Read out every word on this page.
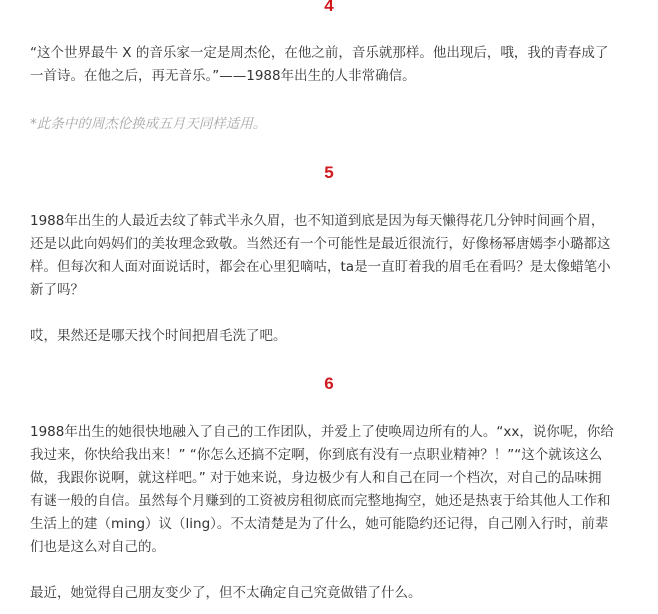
4

“这个世界最牛 X 的音乐家一定是周杰伦，在他之前，音乐就那样。他出现后，哦，我的青春成了
一首诗。在他之后，再无音乐。”——1988年出生的人非常确信。

*此条中的周杰伦换成五月天同样适用。

5

1988年出生的人最近去纹了韩式半永久眉，也不知道到底是因为每天懒得花几分钟时间画个眉，
还是以此向妈妈们的美妆理念致敬。当然还有一个可能性是最近很流行，好像杨幂唐嫣李小璐都这
样。但每次和人面对面说话时，都会在心里犯嘀咕，ta是一直盯着我的眉毛在看吗？是太像蜡笔小
新了吗？

哎，果然还是哪天找个时间把眉毛洗了吧。

6

1988年出生的她很快地融入了自己的工作团队，并爱上了使唤周边所有的人。“xx，说你呢，你给
我过来，你快给我出来！” “你怎么还搞不定啊，你到底有没有一点职业精神？！”“这个就该这么
做，我跟你说啊，就这样吧。” 对于她来说，身边极少有人和自己在同一个档次，对自己的品味拥
有谜一般的自信。虽然每个月赚到的工资被房租彻底而完整地掏空，她还是热衷于给其他人工作和
生活上的建（ming）议（ling）。不太清楚是为了什么，她可能隐约还记得，自己刚入行时，前辈
们也是这么对自己的。

最近，她觉得自己朋友变少了，但不太确定自己究竟做错了什么。
